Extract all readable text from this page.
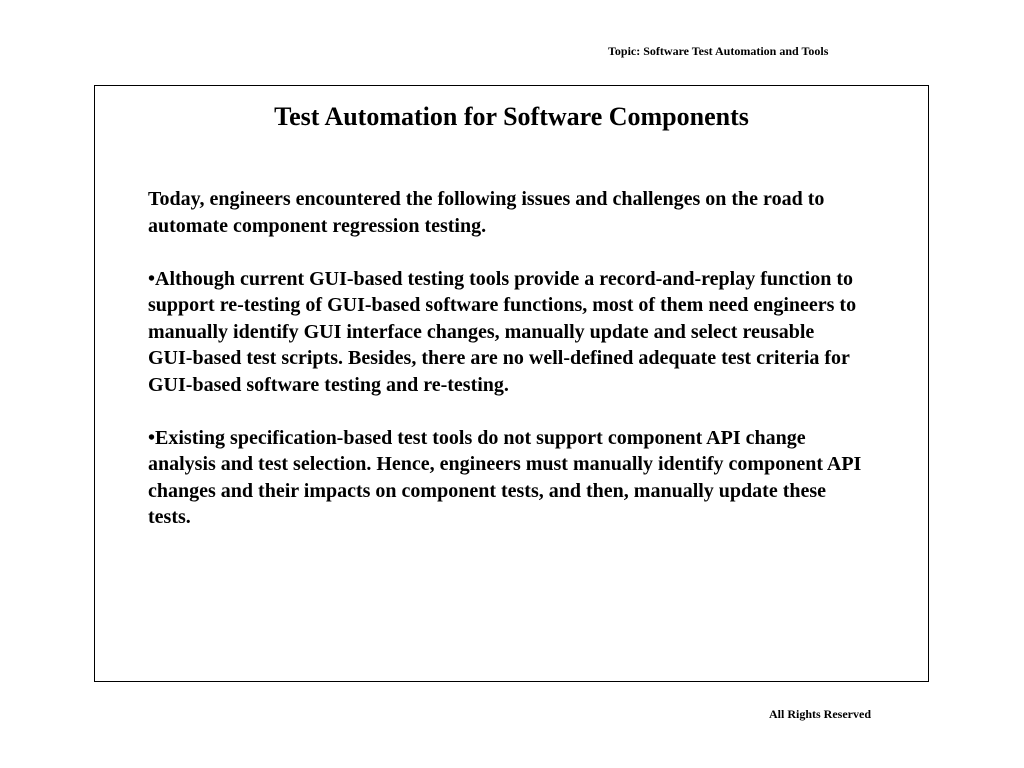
Topic: Software Test Automation and Tools
Test Automation for Software Components

Today, engineers encountered the following issues and challenges on the road to automate component regression testing.

•Although current GUI-based testing tools provide a record-and-replay function to support re-testing of GUI-based software functions, most of them need engineers to manually identify GUI interface changes, manually update and select reusable GUI-based test scripts. Besides, there are no well-defined adequate test criteria for GUI-based software testing and re-testing.
•Existing specification-based test tools do not support component API change analysis and test selection. Hence, engineers must manually identify component API changes and their impacts on component tests, and then, manually update these tests.
All Rights Reserved
